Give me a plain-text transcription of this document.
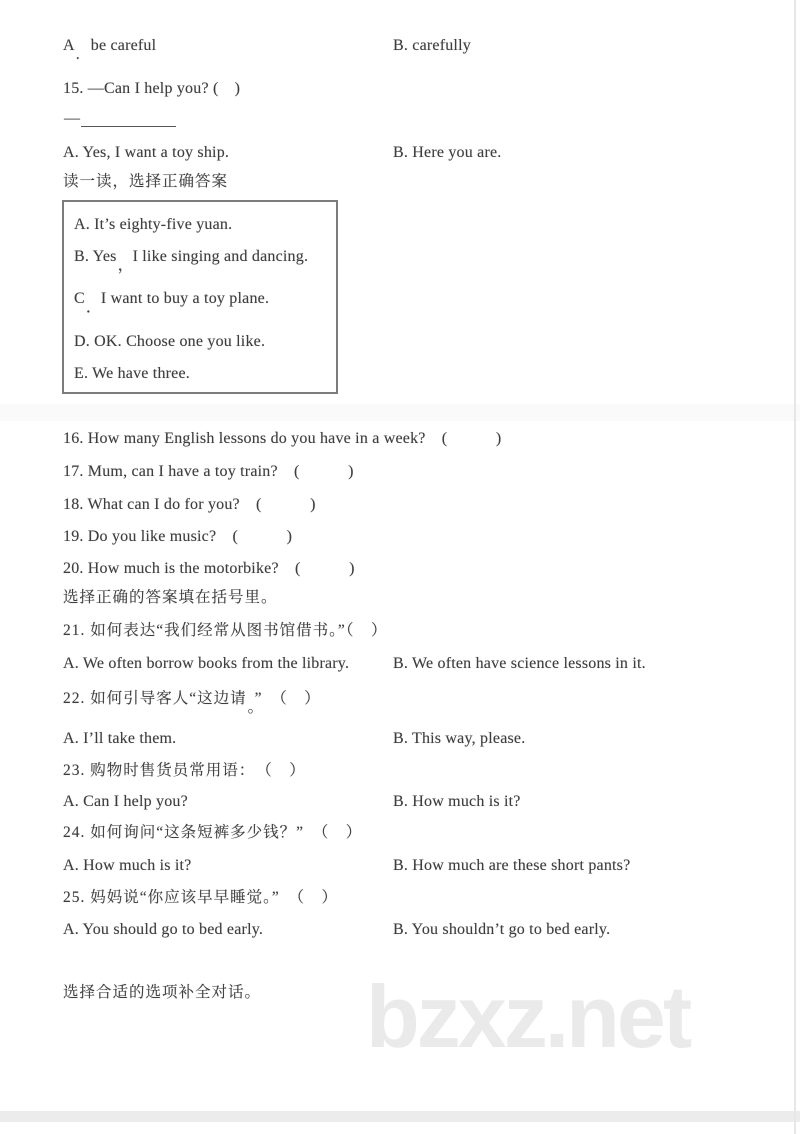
A.be careful	B. carefully
15. —Can I help you? (　)
—
A. Yes, I want a toy ship.	B. Here you are.
读一读，选择正确答案
A. It’s eighty-five yuan.
B. Yes，I like singing and dancing.
C．I want to buy a toy plane.
D. OK. Choose one you like.
E. We have three.
16. How many English lessons do you have in a week?　(　　　)
17. Mum, can I have a toy train?　(　　　)
18. What can I do for you?　(　　　)
19. Do you like music?　(　　　)
20. How much is the motorbike?　(　　　)
选择正确的答案填在括号里。
21. 如何表达“我们经常从图书馆借书。”（　）
A. We often borrow books from the library.	B. We often have science lessons in it.
22. 如何引导客人“这边请。”　（　）
A. I’ll take them.	B. This way, please.
23. 购物时售货员常用语：　（　）
A. Can I help you?	B. How much is it?
24. 如何询问“这条短裤多少钱？”　（　）
A. How much is it?	B. How much are these short pants?
25. 妈妈说“你应该早早睡觉。”　（　）
A. You should go to bed early.	B. You shouldn’t go to bed early.
选择合适的选项补全对话。 bzxz.net
